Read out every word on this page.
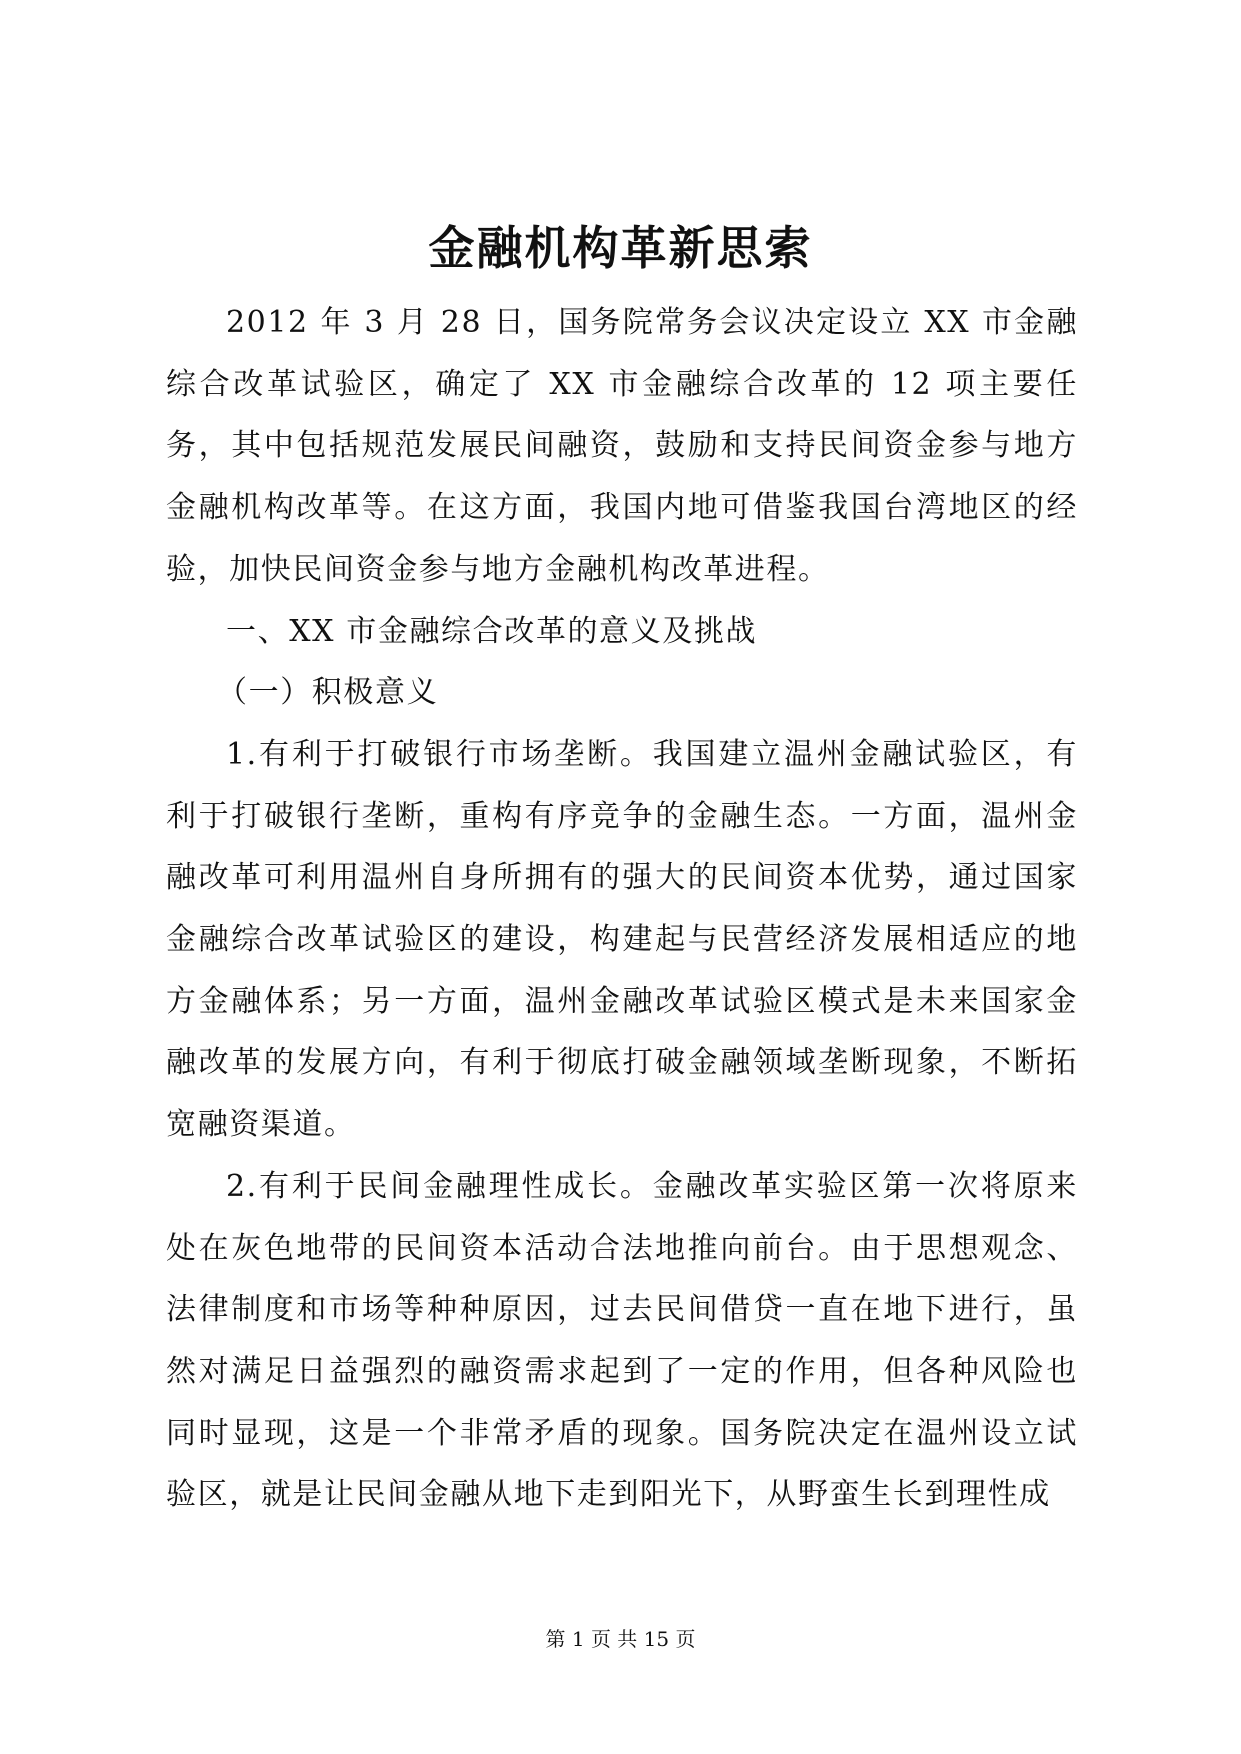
金融机构革新思索

2012 年 3 月 28 日，国务院常务会议决定设立 XX 市金融综合改革试验区，确定了 XX 市金融综合改革的 12 项主要任务，其中包括规范发展民间融资，鼓励和支持民间资金参与地方金融机构改革等。在这方面，我国内地可借鉴我国台湾地区的经验，加快民间资金参与地方金融机构改革进程。

一、XX 市金融综合改革的意义及挑战

（一）积极意义

1.有利于打破银行市场垄断。我国建立温州金融试验区，有利于打破银行垄断，重构有序竞争的金融生态。一方面，温州金融改革可利用温州自身所拥有的强大的民间资本优势，通过国家金融综合改革试验区的建设，构建起与民营经济发展相适应的地方金融体系；另一方面，温州金融改革试验区模式是未来国家金融改革的发展方向，有利于彻底打破金融领域垄断现象，不断拓宽融资渠道。

2.有利于民间金融理性成长。金融改革实验区第一次将原来处在灰色地带的民间资本活动合法地推向前台。由于思想观念、法律制度和市场等种种原因，过去民间借贷一直在地下进行，虽然对满足日益强烈的融资需求起到了一定的作用，但各种风险也同时显现，这是一个非常矛盾的现象。国务院决定在温州设立试验区，就是让民间金融从地下走到阳光下，从野蛮生长到理性成

第 1 页 共 15 页
